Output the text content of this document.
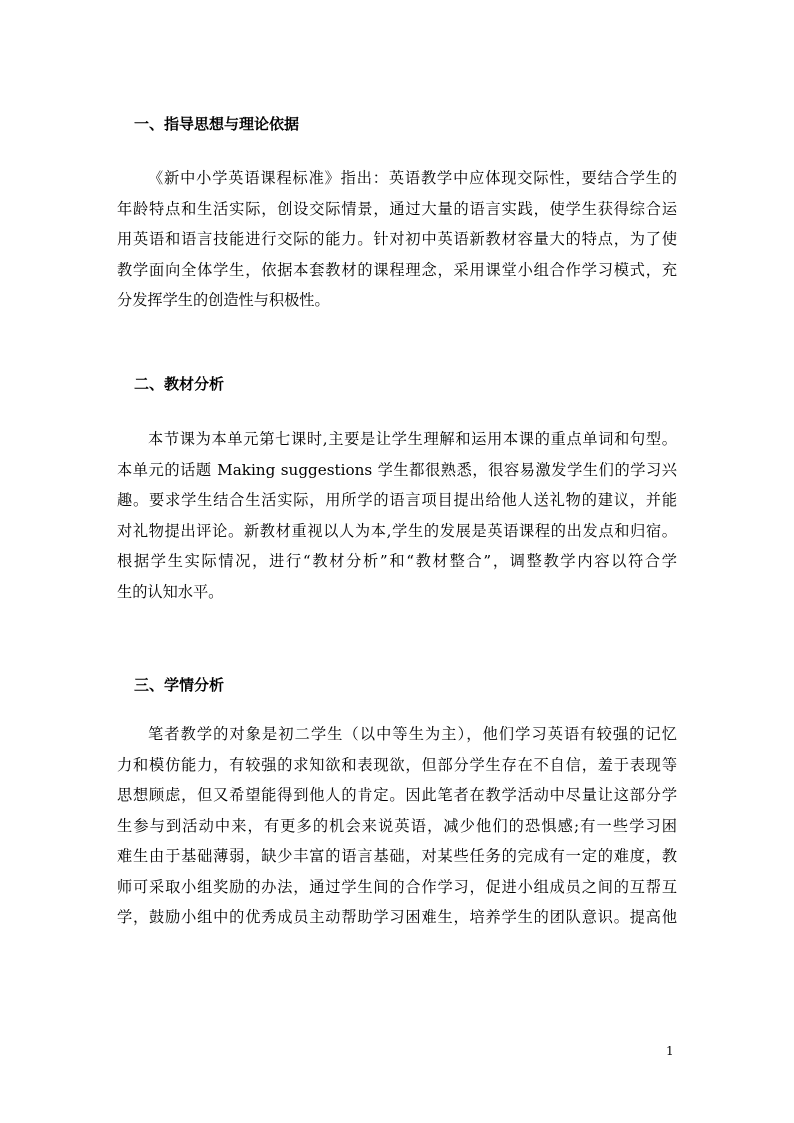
一、指导思想与理论依据
《新中小学英语课程标准》指出：英语教学中应体现交际性，要结合学生的
年龄特点和生活实际，创设交际情景，通过大量的语言实践，使学生获得综合运
用英语和语言技能进行交际的能力。针对初中英语新教材容量大的特点，为了使
教学面向全体学生，依据本套教材的课程理念，采用课堂小组合作学习模式，充
分发挥学生的创造性与积极性。
二、教材分析
本节课为本单元第七课时,主要是让学生理解和运用本课的重点单词和句型。
本单元的话题 Making suggestions 学生都很熟悉，很容易激发学生们的学习兴
趣。要求学生结合生活实际，用所学的语言项目提出给他人送礼物的建议，并能
对礼物提出评论。新教材重视以人为本,学生的发展是英语课程的出发点和归宿。
根据学生实际情况，进行“教材分析”和“教材整合”，调整教学内容以符合学
生的认知水平。
三、学情分析
笔者教学的对象是初二学生（以中等生为主），他们学习英语有较强的记忆
力和模仿能力，有较强的求知欲和表现欲，但部分学生存在不自信，羞于表现等
思想顾虑，但又希望能得到他人的肯定。因此笔者在教学活动中尽量让这部分学
生参与到活动中来，有更多的机会来说英语，减少他们的恐惧感;有一些学习困
难生由于基础薄弱，缺少丰富的语言基础，对某些任务的完成有一定的难度，教
师可采取小组奖励的办法，通过学生间的合作学习，促进小组成员之间的互帮互
学，鼓励小组中的优秀成员主动帮助学习困难生，培养学生的团队意识。提高他
1
